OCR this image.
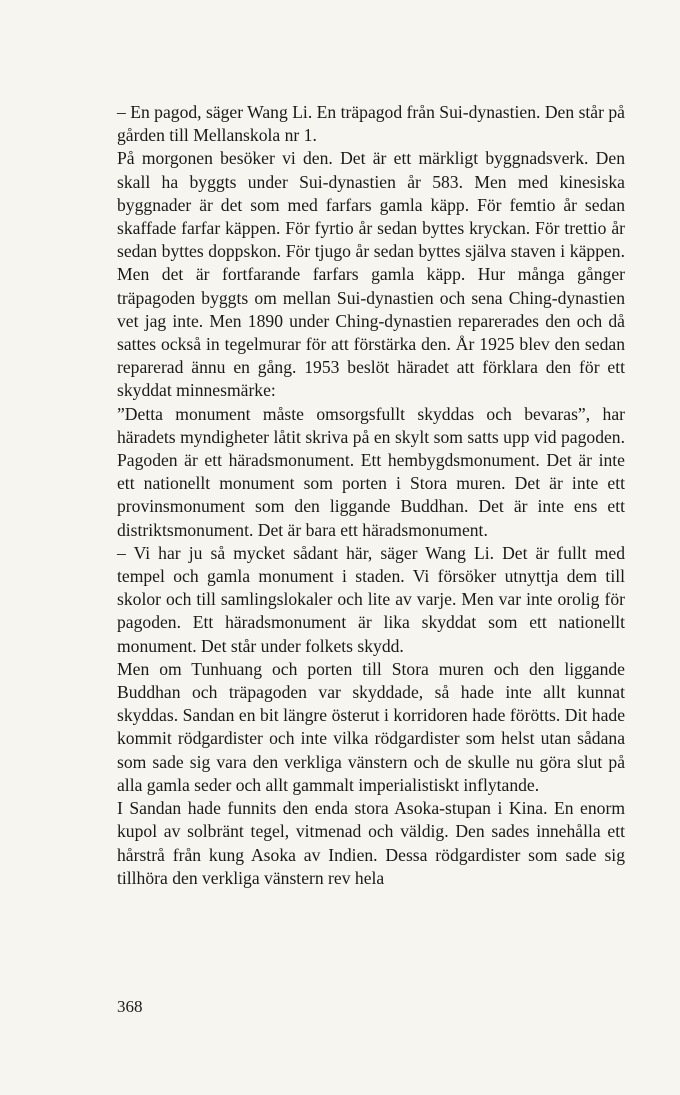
– En pagod, säger Wang Li. En träpagod från Sui-dynastien. Den står på gården till Mellanskola nr 1.

På morgonen besöker vi den. Det är ett märkligt byggnadsverk. Den skall ha byggts under Sui-dynastien år 583. Men med kinesiska byggnader är det som med farfars gamla käpp. För femtio år sedan skaffade farfar käppen. För fyrtio år sedan byttes kryckan. För trettio år sedan byttes doppskon. För tjugo år sedan byttes själva staven i käppen. Men det är fortfarande farfars gamla käpp. Hur många gånger träpagoden byggts om mellan Sui-dynastien och sena Ching-dynastien vet jag inte. Men 1890 under Ching-dynastien reparerades den och då sattes också in tegelmurar för att förstärka den. År 1925 blev den sedan reparerad ännu en gång. 1953 beslöt häradet att förklara den för ett skyddat minnesmärke:

”Detta monument måste omsorgsfullt skyddas och bevaras”, har häradets myndigheter låtit skriva på en skylt som satts upp vid pagoden. Pagoden är ett häradsmonument. Ett hembygdsmonument. Det är inte ett nationellt monument som porten i Stora muren. Det är inte ett provinsmonument som den liggande Buddhan. Det är inte ens ett distriktsmonument. Det är bara ett häradsmonument.

– Vi har ju så mycket sådant här, säger Wang Li. Det är fullt med tempel och gamla monument i staden. Vi försöker utnyttja dem till skolor och till samlingslokaler och lite av varje. Men var inte orolig för pagoden. Ett häradsmonument är lika skyddat som ett nationellt monument. Det står under folkets skydd.

Men om Tunhuang och porten till Stora muren och den liggande Buddhan och träpagoden var skyddade, så hade inte allt kunnat skyddas. Sandan en bit längre österut i korridoren hade förötts. Dit hade kommit rödgardister och inte vilka rödgardister som helst utan sådana som sade sig vara den verkliga vänstern och de skulle nu göra slut på alla gamla seder och allt gammalt imperialistiskt inflytande.

I Sandan hade funnits den enda stora Asoka-stupan i Kina. En enorm kupol av solbränt tegel, vitmenad och väldig. Den sades innehålla ett hårstrå från kung Asoka av Indien. Dessa rödgardister som sade sig tillhöra den verkliga vänstern rev hela

368
